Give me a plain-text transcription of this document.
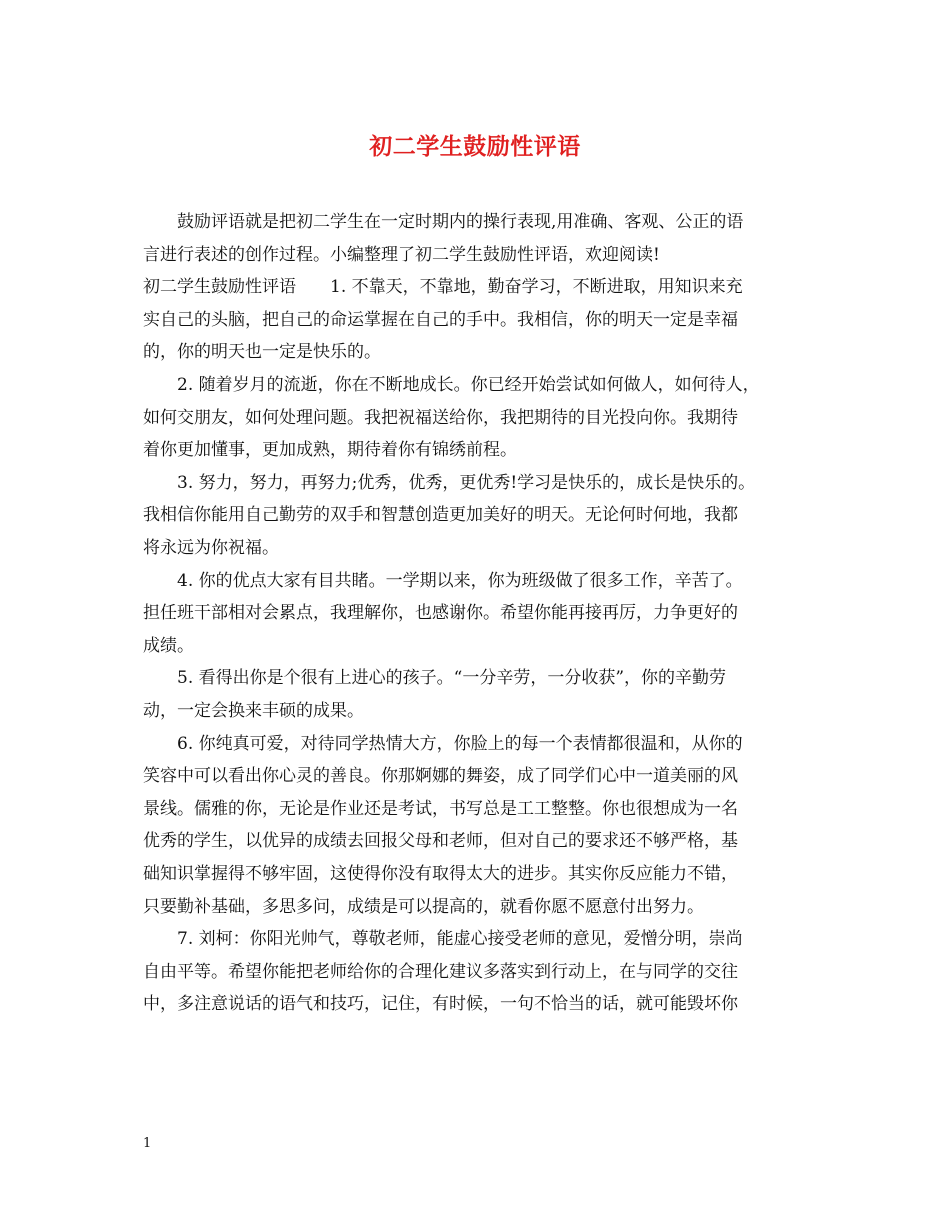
初二学生鼓励性评语
　　鼓励评语就是把初二学生在一定时期内的操行表现,用准确、客观、公正的语
言进行表述的创作过程。小编整理了初二学生鼓励性评语，欢迎阅读!
初二学生鼓励性评语　　1. 不靠天，不靠地，勤奋学习，不断进取，用知识来充
实自己的头脑，把自己的命运掌握在自己的手中。我相信，你的明天一定是幸福
的，你的明天也一定是快乐的。
　　2. 随着岁月的流逝，你在不断地成长。你已经开始尝试如何做人，如何待人，
如何交朋友，如何处理问题。我把祝福送给你，我把期待的目光投向你。我期待
着你更加懂事，更加成熟，期待着你有锦绣前程。
　　3. 努力，努力，再努力;优秀，优秀，更优秀!学习是快乐的，成长是快乐的。
我相信你能用自己勤劳的双手和智慧创造更加美好的明天。无论何时何地，我都
将永远为你祝福。
　　4. 你的优点大家有目共睹。一学期以来，你为班级做了很多工作，辛苦了。
担任班干部相对会累点，我理解你，也感谢你。希望你能再接再厉，力争更好的
成绩。
　　5. 看得出你是个很有上进心的孩子。“一分辛劳，一分收获”，你的辛勤劳
动，一定会换来丰硕的成果。
　　6. 你纯真可爱，对待同学热情大方，你脸上的每一个表情都很温和，从你的
笑容中可以看出你心灵的善良。你那婀娜的舞姿，成了同学们心中一道美丽的风
景线。儒雅的你，无论是作业还是考试，书写总是工工整整。你也很想成为一名
优秀的学生，以优异的成绩去回报父母和老师，但对自己的要求还不够严格，基
础知识掌握得不够牢固，这使得你没有取得太大的进步。其实你反应能力不错，
只要勤补基础，多思多问，成绩是可以提高的，就看你愿不愿意付出努力。
　　7. 刘柯：你阳光帅气，尊敬老师，能虚心接受老师的意见，爱憎分明，崇尚
自由平等。希望你能把老师给你的合理化建议多落实到行动上，在与同学的交往
中，多注意说话的语气和技巧，记住，有时候，一句不恰当的话，就可能毁坏你
1
